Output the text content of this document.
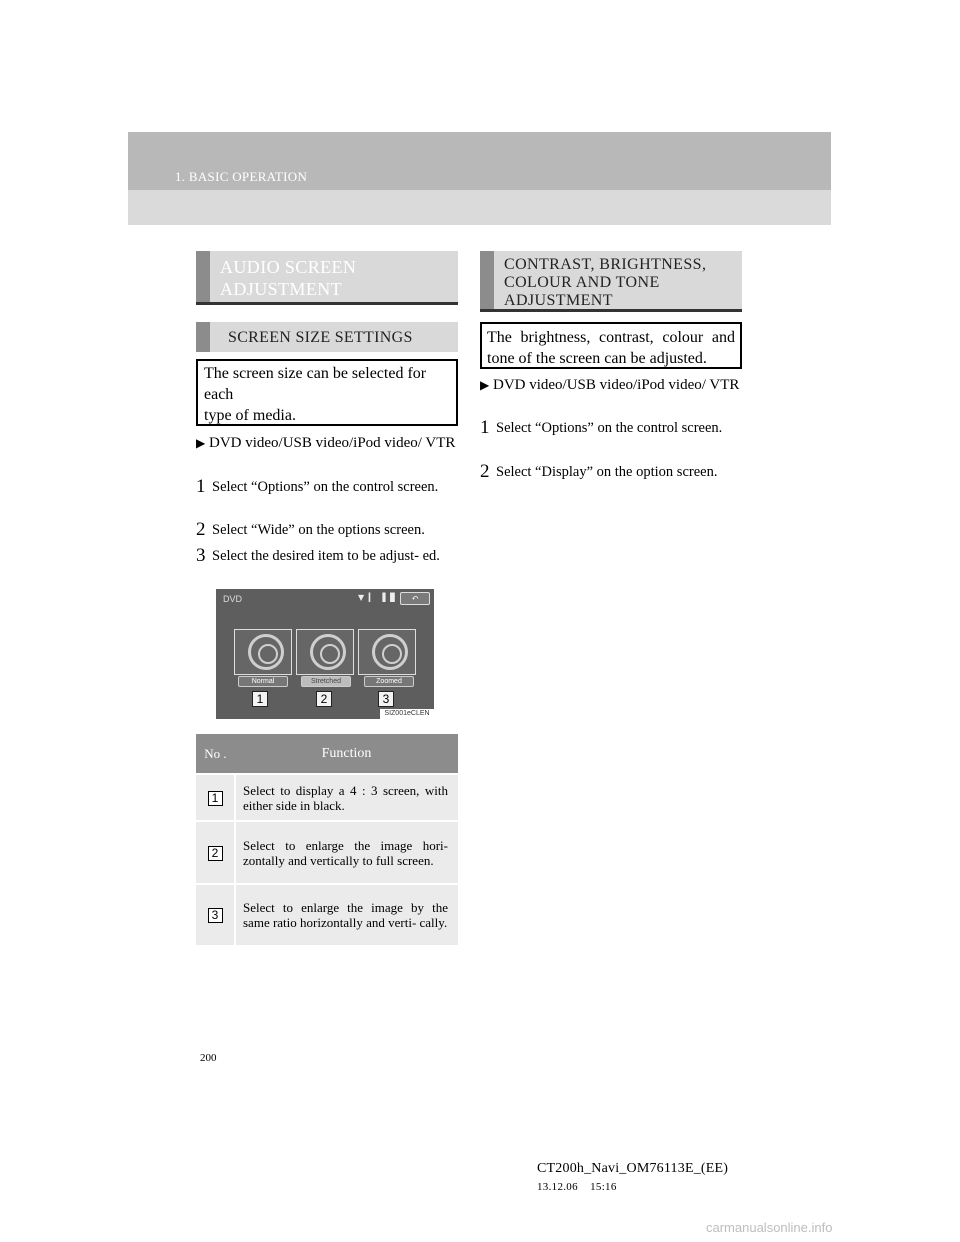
1. BASIC OPERATION
AUDIO SCREEN
ADJUSTMENT
SCREEN SIZE SETTINGS
The screen size can be selected for each
type of media.
▶ DVD video/USB video/iPod video/ VTR
1 Select “Options” on the control screen.
2 Select “Wide” on the options screen.
3 Select the desired item to be adjust- ed.
DVD	▼ ▎ ▐ ▊	↶
Normal	Stretched	Zoomed
1	2	3
SIZ001eCLEN
No .	Function
1	Select to display a 4 : 3 screen, with either side in black.
2	Select to enlarge the image hori- zontally and vertically to full screen.
3	Select to enlarge the image by the same ratio horizontally and verti- cally.
CONTRAST, BRIGHTNESS,
COLOUR AND TONE
ADJUSTMENT
The brightness, contrast, colour and tone of the screen can be adjusted.
▶ DVD video/USB video/iPod video/ VTR
1 Select “Options” on the control screen.
2 Select “Display” on the option screen.
200
CT200h_Navi_OM76113E_(EE)
13.12.06    15:16
carmanualsonline.info
